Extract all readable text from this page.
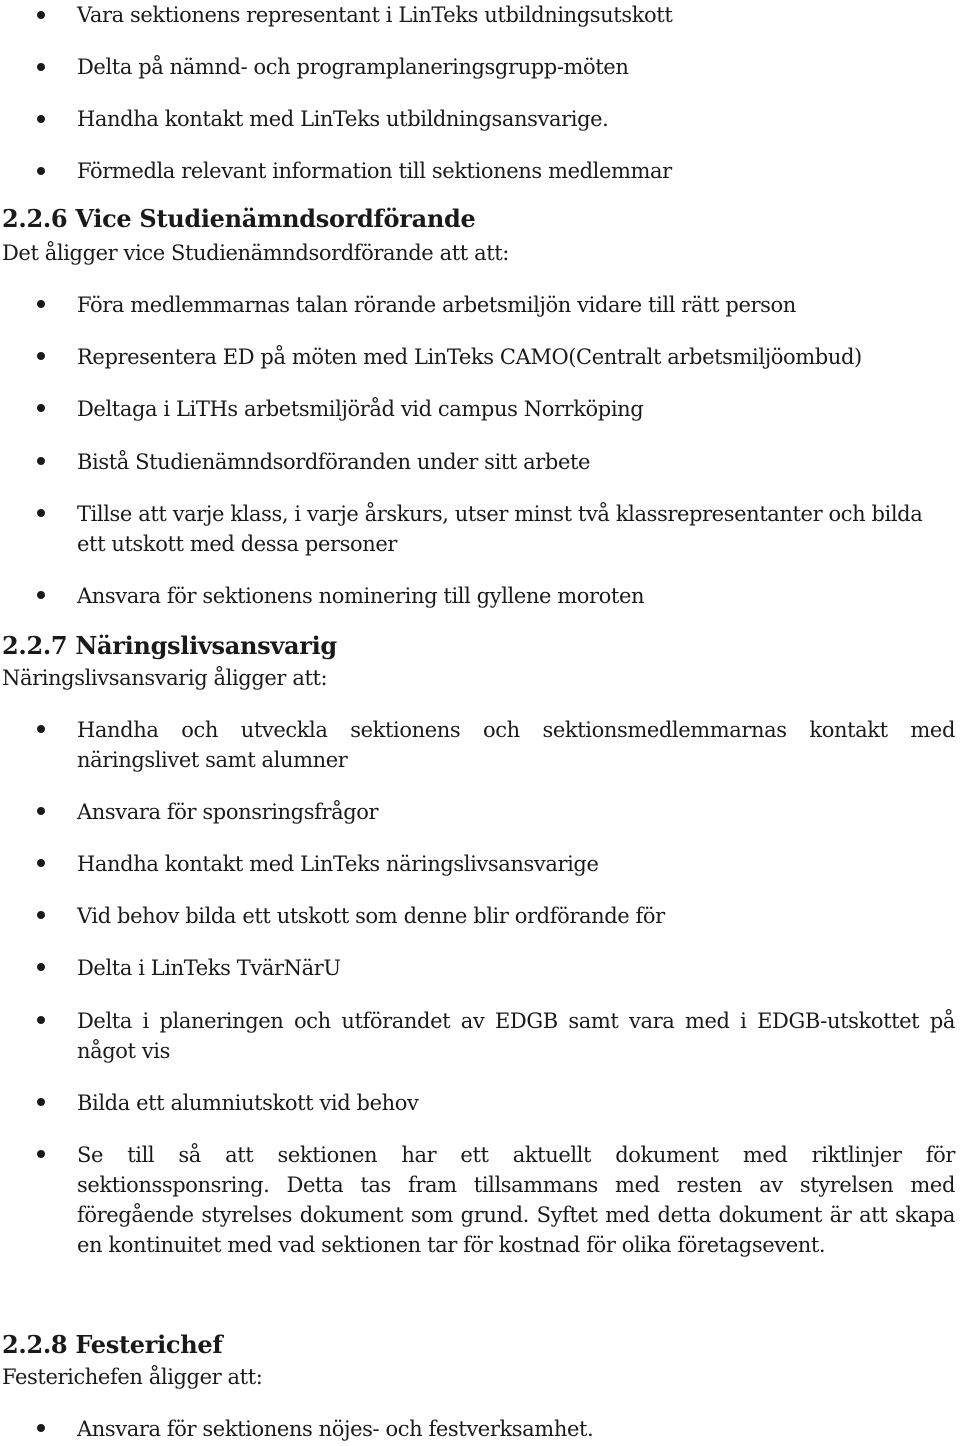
Vara sektionens representant i LinTeks utbildningsutskott

Delta på nämnd- och programplaneringsgrupp-möten

Handha kontakt med LinTeks utbildningsansvarige.

Förmedla relevant information till sektionens medlemmar

2.2.6 Vice Studienämndsordförande

Det åligger vice Studienämndsordförande att att:

Föra medlemmarnas talan rörande arbetsmiljön vidare till rätt person

Representera ED på möten med LinTeks CAMO(Centralt arbetsmiljöombud)

Deltaga i LiTHs arbetsmiljöråd vid campus Norrköping

Bistå Studienämndsordföranden under sitt arbete

Tillse att varje klass, i varje årskurs, utser minst två klassrepresentanter och bilda ett utskott med dessa personer

Ansvara för sektionens nominering till gyllene moroten

2.2.7 Näringslivsansvarig

Näringslivsansvarig åligger att:

Handha och utveckla sektionens och sektionsmedlemmarnas kontakt med näringslivet samt alumner

Ansvara för sponsringsfrågor

Handha kontakt med LinTeks näringslivsansvarige

Vid behov bilda ett utskott som denne blir ordförande för

Delta i LinTeks TvärNärU

Delta i planeringen och utförandet av EDGB samt vara med i EDGB-utskottet på något vis

Bilda ett alumniutskott vid behov

Se till så att sektionen har ett aktuellt dokument med riktlinjer för sektionssponsring. Detta tas fram tillsammans med resten av styrelsen med föregående styrelses dokument som grund. Syftet med detta dokument är att skapa en kontinuitet med vad sektionen tar för kostnad för olika företagsevent.

2.2.8 Festerichef

Festerichefen åligger att:

Ansvara för sektionens nöjes- och festverksamhet.
